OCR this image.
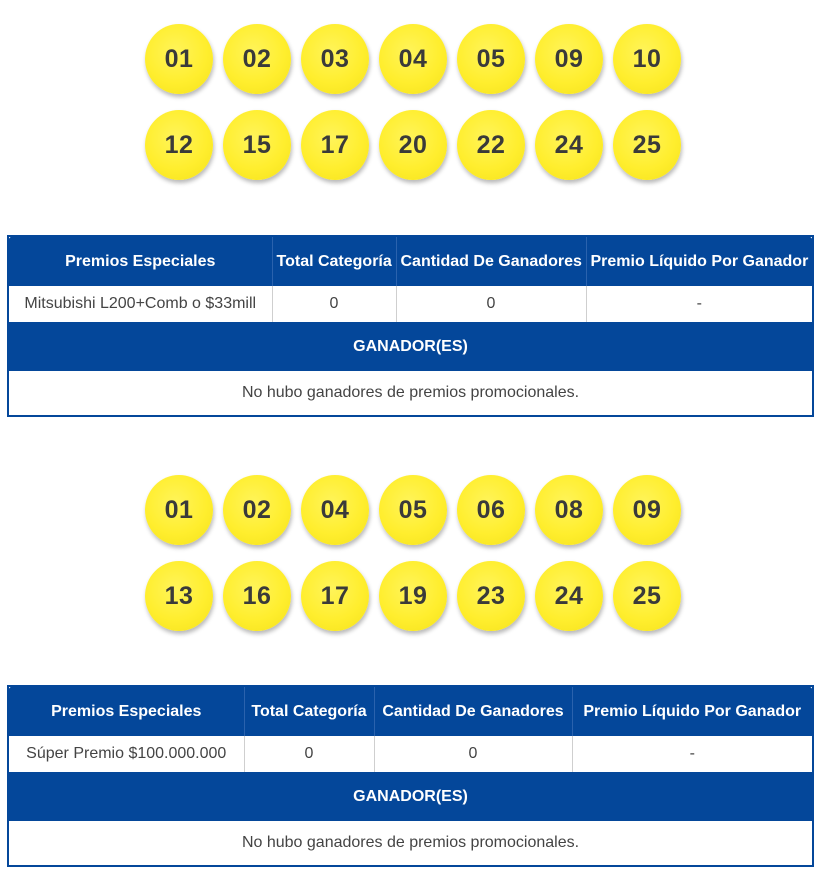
01	02	03	04	05	09	10
12	15	17	20	22	24	25
Premios Especiales	Total Categoría	Cantidad De Ganadores	Premio Líquido Por Ganador
Mitsubishi L200+Comb o $33mill	0	0	-
GANADOR(ES)			
No hubo ganadores de premios promocionales.			
01	02	04	05	06	08	09
13	16	17	19	23	24	25
Premios Especiales	Total Categoría	Cantidad De Ganadores	Premio Líquido Por Ganador
Súper Premio $100.000.000	0	0	-
GANADOR(ES)			
No hubo ganadores de premios promocionales.			
